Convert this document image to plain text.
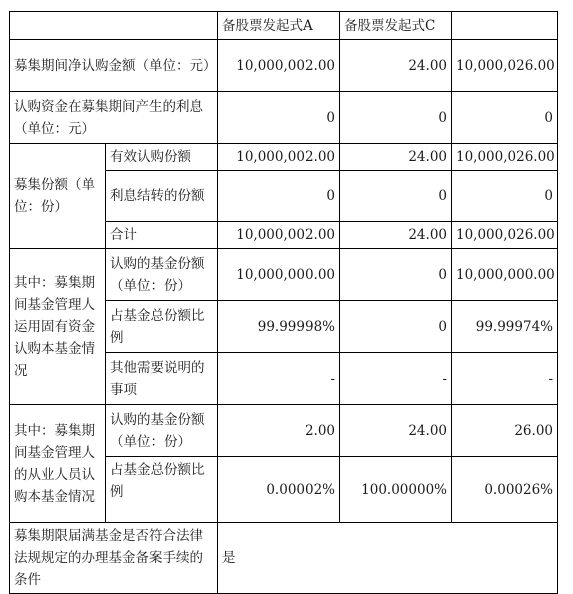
		备股票发起式A	备股票发起式C	
募集期间净认购金额（单位：元）		10,000,002.00	24.00	10,000,026.00
认购资金在募集期间产生的利息（单位：元）		0	0	0
募集份额（单位：份）	有效认购份额	10,000,002.00	24.00	10,000,026.00
	利息结转的份额	0	0	0
	合计	10,000,002.00	24.00	10,000,026.00
其中：募集期间基金管理人运用固有资金认购本基金情况	认购的基金份额（单位：份）	10,000,000.00	0	10,000,000.00
	占基金总份额比例	99.99998%	0	99.99974%
	其他需要说明的事项	-	-	-
其中：募集期间基金管理人的从业人员认购本基金情况	认购的基金份额（单位：份）	2.00	24.00	26.00
	占基金总份额比例	0.00002%	100.00000%	0.00026%
募集期限届满基金是否符合法律法规规定的办理基金备案手续的条件		是		
